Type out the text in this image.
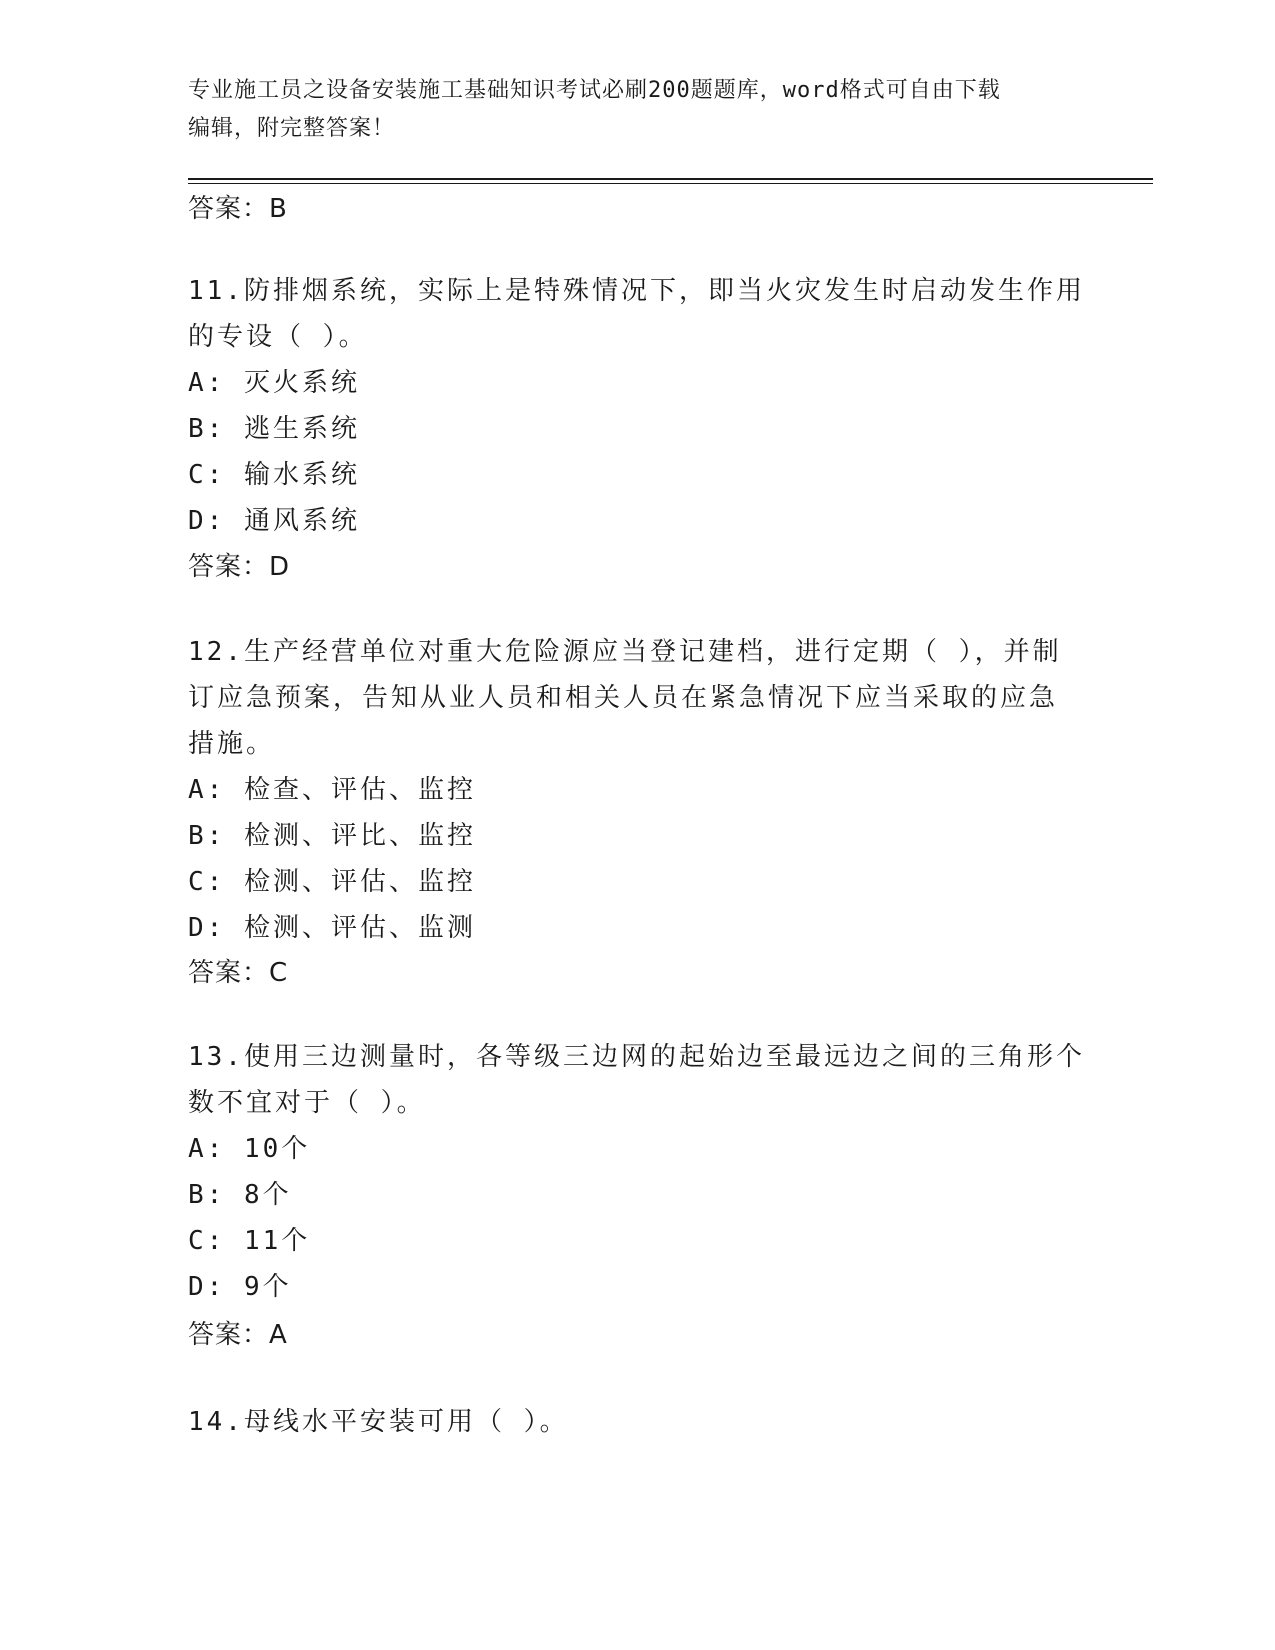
专业施工员之设备安装施工基础知识考试必刷200题题库，word格式可自由下载
编辑，附完整答案！
答案：B
11.防排烟系统，实际上是特殊情况下，即当火灾发生时启动发生作用
的专设（ ）。
A: 灭火系统
B: 逃生系统
C: 输水系统
D: 通风系统
答案：D
12.生产经营单位对重大危险源应当登记建档，进行定期（ ），并制
订应急预案，告知从业人员和相关人员在紧急情况下应当采取的应急
措施。
A: 检查、评估、监控
B: 检测、评比、监控
C: 检测、评估、监控
D: 检测、评估、监测
答案：C
13.使用三边测量时，各等级三边网的起始边至最远边之间的三角形个
数不宜对于（ ）。
A: 10个
B: 8个
C: 11个
D: 9个
答案：A
14.母线水平安装可用（ ）。
